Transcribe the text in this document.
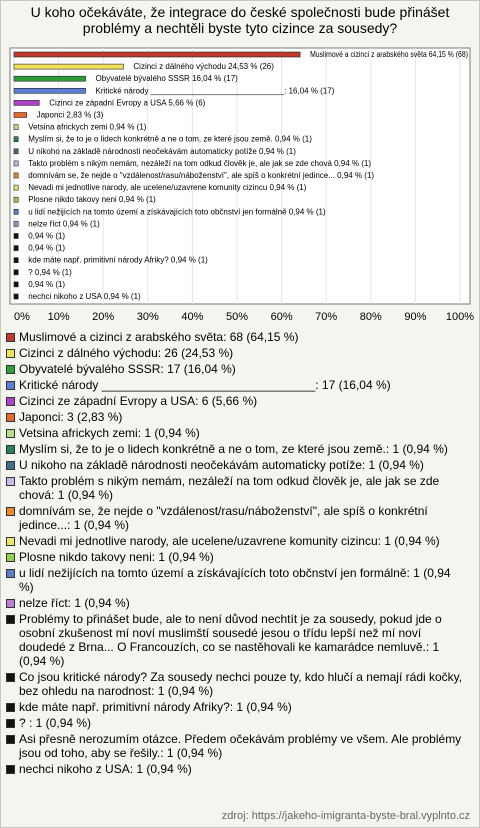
U koho očekáváte, že integrace do české společnosti bude přinášet problémy a nechtěli byste tyto cizince za sousedy?
Muslimové a cizinci z arabského světa 64,15 % (68)
Cizinci z dálného východu 24,53 % (26)
Obyvatelé bývalého SSSR 16,04 % (17)
Kritické národy ______________________________: 16,04 % (17)
Cizinci ze západní Evropy a USA 5,66 % (6)
Japonci 2,83 % (3)
Vetsina africkych zemi 0,94 % (1)
Myslím si, že to je o lidech konkrétně a ne o tom, ze které jsou země. 0,94 % (1)
U nikoho na základě národnosti neočekávám automaticky potíže 0,94 % (1)
Takto problém s nikým nemám, nezáleží na tom odkud člověk je, ale jak se zde chová 0,94 % (1)
domnívám se, že nejde o "vzdálenost/rasu/náboženství", ale spíš o konkrétní jedince... 0,94 % (1)
Nevadi mi jednotlive narody, ale ucelene/uzavrene komunity cizincu 0,94 % (1)
Plosne nikdo takovy neni 0,94 % (1)
u lidí nežijících na tomto území a získávajících toto občnství jen formálně 0,94 % (1)
nelze říct 0,94 % (1)
0,94 % (1)
0,94 % (1)
kde máte např. primitivní národy Afriky? 0,94 % (1)
? 0,94 % (1)
0,94 % (1)
nechci nikoho z USA 0,94 % (1)
0% 10% 20% 30% 40% 50% 60% 70% 80% 90% 100%
Muslimové a cizinci z arabského světa: 68 (64,15 %)
Cizinci z dálného východu: 26 (24,53 %)
Obyvatelé bývalého SSSR: 17 (16,04 %)
Kritické národy ________________________________: 17 (16,04 %)
Cizinci ze západní Evropy a USA: 6 (5,66 %)
Japonci: 3 (2,83 %)
Vetsina africkych zemi: 1 (0,94 %)
Myslím si, že to je o lidech konkrétně a ne o tom, ze které jsou země.: 1 (0,94 %)
U nikoho na základě národnosti neočekávám automaticky potíže: 1 (0,94 %)
Takto problém s nikým nemám, nezáleží na tom odkud člověk je, ale jak se zde chová: 1 (0,94 %)
domnívám se, že nejde o "vzdálenost/rasu/náboženství", ale spíš o konkrétní jedince...: 1 (0,94 %)
Nevadi mi jednotlive narody, ale ucelene/uzavrene komunity cizincu: 1 (0,94 %)
Plosne nikdo takovy neni: 1 (0,94 %)
u lidí nežijících na tomto území a získávajících toto občnství jen formálně: 1 (0,94 %)
nelze říct: 1 (0,94 %)
Problémy to přinášet bude, ale to není důvod nechtít je za sousedy, pokud jde o osobní zkušenost mí noví muslimští sousedé jesou o třídu lepší než mí noví doudedé z Brna... O Francouzích, co se nastěhovali ke kamarádce nemluvě.: 1 (0,94 %)
Co jsou kritické národy? Za sousedy nechci pouze ty, kdo hlučí a nemají rádi kočky, bez ohledu na narodnost: 1 (0,94 %)
kde máte např. primitivní národy Afriky?: 1 (0,94 %)
? : 1 (0,94 %)
Asi přesně nerozumím otázce. Předem očekávám problémy ve všem. Ale problémy jsou od toho, aby se řešily.: 1 (0,94 %)
nechci nikoho z USA: 1 (0,94 %)
zdroj: https://jakeho-imigranta-byste-bral.vyplnto.cz
